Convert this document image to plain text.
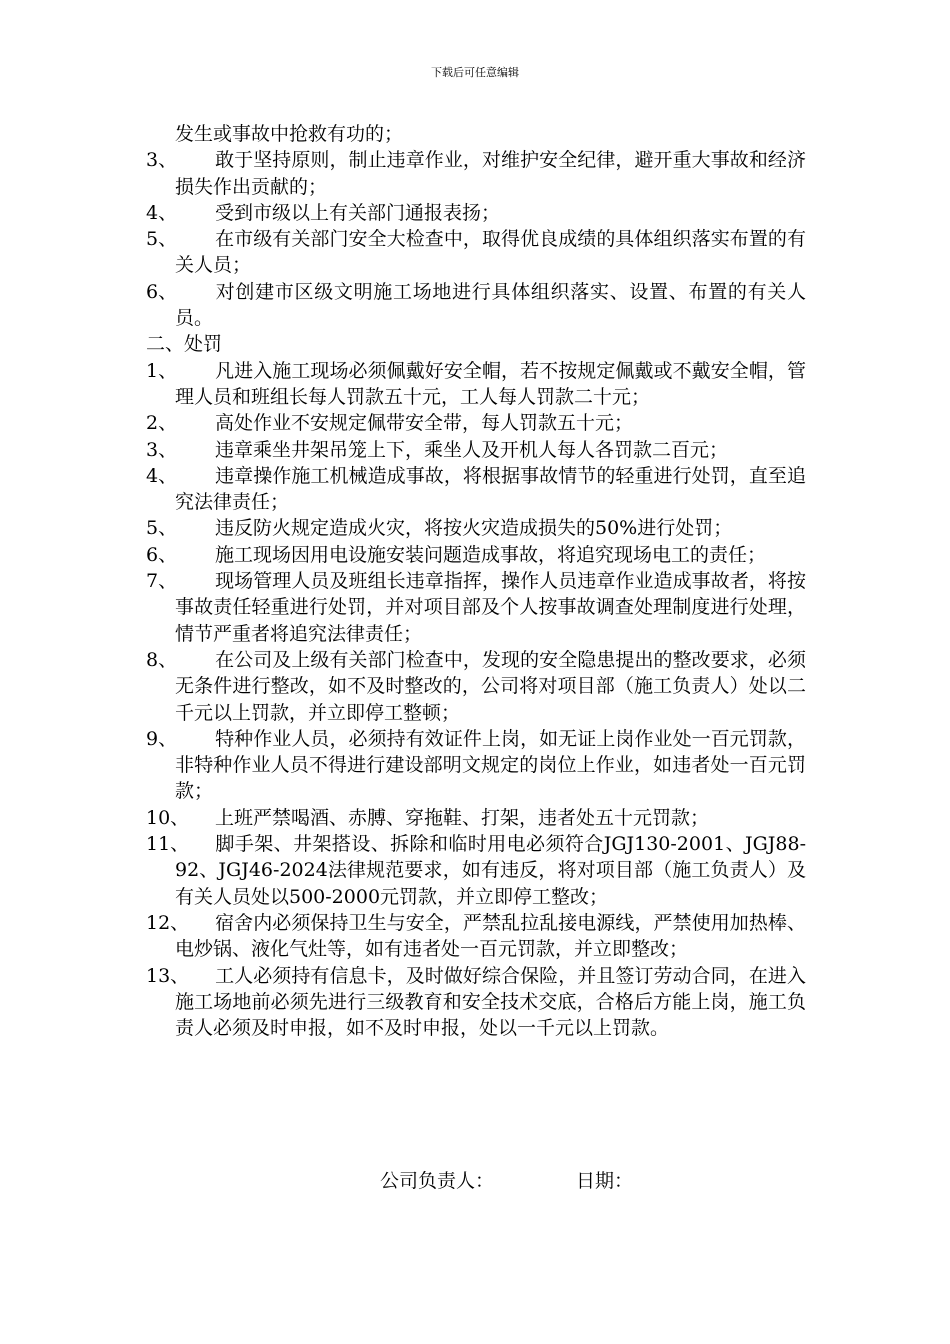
下载后可任意编辑
发生或事故中抢救有功的；
3、 敢于坚持原则，制止违章作业，对维护安全纪律，避开重大事故和经济损失作出贡献的；
4、 受到市级以上有关部门通报表扬；
5、 在市级有关部门安全大检查中，取得优良成绩的具体组织落实布置的有关人员；
6、 对创建市区级文明施工场地进行具体组织落实、设置、布置的有关人员。
二、处罚
1、 凡进入施工现场必须佩戴好安全帽，若不按规定佩戴或不戴安全帽，管理人员和班组长每人罚款五十元，工人每人罚款二十元；
2、 高处作业不安规定佩带安全带，每人罚款五十元；
3、 违章乘坐井架吊笼上下，乘坐人及开机人每人各罚款二百元；
4、 违章操作施工机械造成事故，将根据事故情节的轻重进行处罚，直至追究法律责任；
5、 违反防火规定造成火灾，将按火灾造成损失的50%进行处罚；
6、 施工现场因用电设施安装问题造成事故，将追究现场电工的责任；
7、 现场管理人员及班组长违章指挥，操作人员违章作业造成事故者，将按事故责任轻重进行处罚，并对项目部及个人按事故调查处理制度进行处理，情节严重者将追究法律责任；
8、 在公司及上级有关部门检查中，发现的安全隐患提出的整改要求，必须无条件进行整改，如不及时整改的，公司将对项目部（施工负责人）处以二千元以上罚款，并立即停工整顿；
9、 特种作业人员，必须持有效证件上岗，如无证上岗作业处一百元罚款，非特种作业人员不得进行建设部明文规定的岗位上作业，如违者处一百元罚款；
10、 上班严禁喝酒、赤膊、穿拖鞋、打架，违者处五十元罚款；
11、 脚手架、井架搭设、拆除和临时用电必须符合JGJ130-2001、JGJ88-92、JGJ46-2024法律规范要求，如有违反，将对项目部（施工负责人）及有关人员处以500-2000元罚款，并立即停工整改；
12、 宿舍内必须保持卫生与安全，严禁乱拉乱接电源线，严禁使用加热棒、电炒锅、液化气灶等，如有违者处一百元罚款，并立即整改；
13、 工人必须持有信息卡，及时做好综合保险，并且签订劳动合同，在进入施工场地前必须先进行三级教育和安全技术交底，合格后方能上岗，施工负责人必须及时申报，如不及时申报，处以一千元以上罚款。
公司负责人：	日期：
